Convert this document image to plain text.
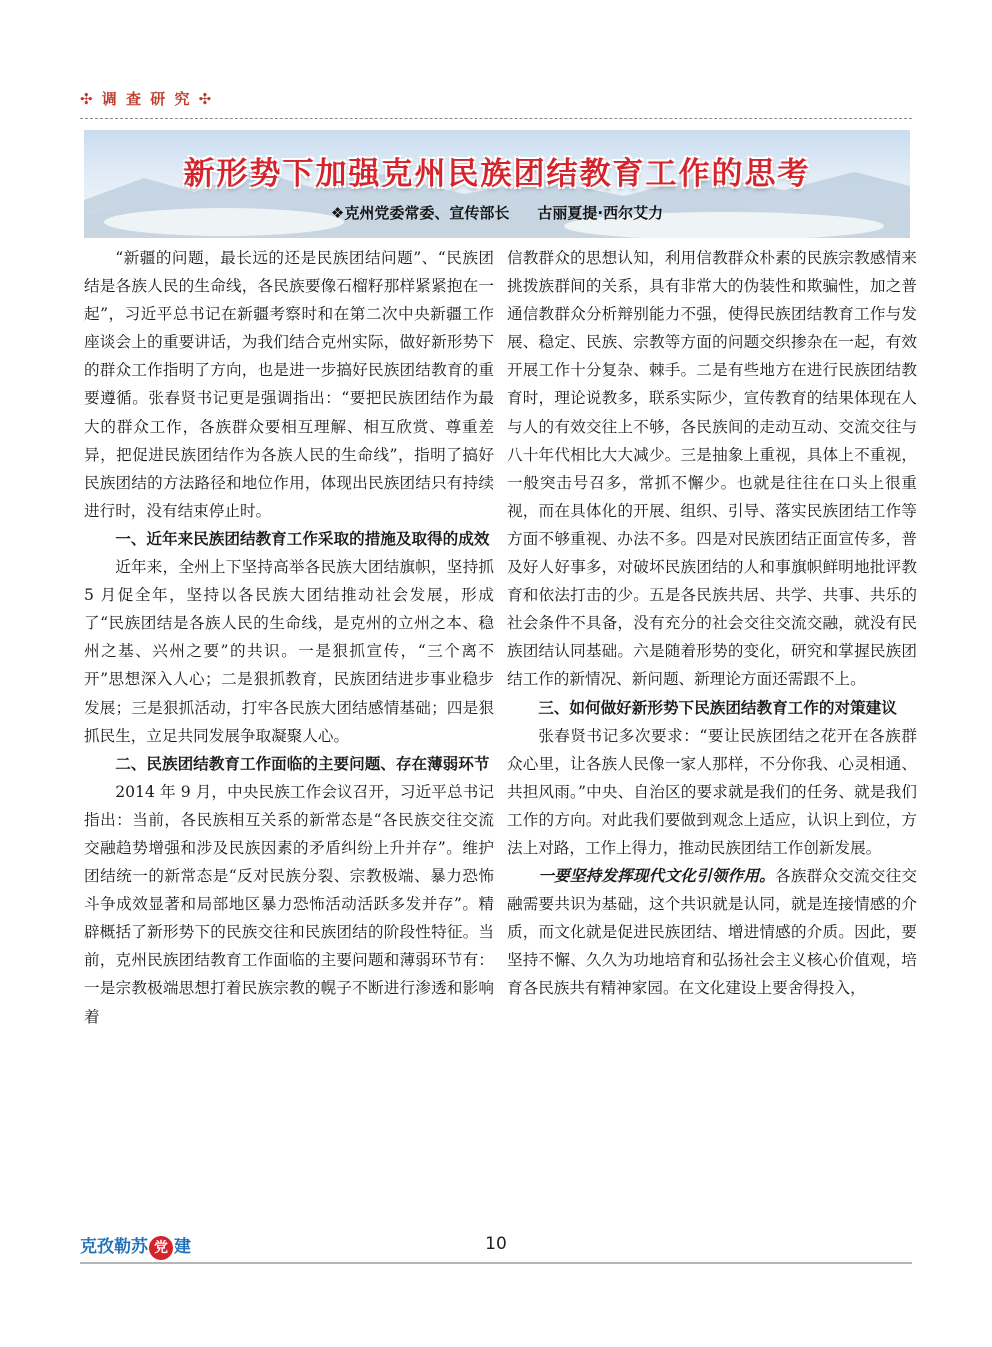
✣ 调 查 研 究 ✣
新形势下加强克州民族团结教育工作的思考
❖克州党委常委、宣传部长 古丽夏提·西尔艾力

“新疆的问题，最长远的还是民族团结问题”、“民族团结是各族人民的生命线，各民族要像石榴籽那样紧紧抱在一起”，习近平总书记在新疆考察时和在第二次中央新疆工作座谈会上的重要讲话，为我们结合克州实际，做好新形势下的群众工作指明了方向，也是进一步搞好民族团结教育的重要遵循。张春贤书记更是强调指出：“要把民族团结作为最大的群众工作，各族群众要相互理解、相互欣赏、尊重差异，把促进民族团结作为各族人民的生命线”，指明了搞好民族团结的方法路径和地位作用，体现出民族团结只有持续进行时，没有结束停止时。

一、近年来民族团结教育工作采取的措施及取得的成效

近年来，全州上下坚持高举各民族大团结旗帜，坚持抓 5 月促全年，坚持以各民族大团结推动社会发展，形成了“民族团结是各族人民的生命线，是克州的立州之本、稳州之基、兴州之要”的共识。一是狠抓宣传，“三个离不开”思想深入人心；二是狠抓教育，民族团结进步事业稳步发展；三是狠抓活动，打牢各民族大团结感情基础；四是狠抓民生，立足共同发展争取凝聚人心。

二、民族团结教育工作面临的主要问题、存在薄弱环节

2014 年 9 月，中央民族工作会议召开，习近平总书记指出：当前，各民族相互关系的新常态是“各民族交往交流交融趋势增强和涉及民族因素的矛盾纠纷上升并存”。维护团结统一的新常态是“反对民族分裂、宗教极端、暴力恐怖斗争成效显著和局部地区暴力恐怖活动活跃多发并存”。精辟概括了新形势下的民族交往和民族团结的阶段性特征。当前，克州民族团结教育工作面临的主要问题和薄弱环节有：一是宗教极端思想打着民族宗教的幌子不断进行渗透和影响着

信教群众的思想认知，利用信教群众朴素的民族宗教感情来挑拨族群间的关系，具有非常大的伪装性和欺骗性，加之普通信教群众分析辩别能力不强，使得民族团结教育工作与发展、稳定、民族、宗教等方面的问题交织掺杂在一起，有效开展工作十分复杂、棘手。二是有些地方在进行民族团结教育时，理论说教多，联系实际少，宣传教育的结果体现在人与人的有效交往上不够，各民族间的走动互动、交流交往与八十年代相比大大减少。三是抽象上重视，具体上不重视，一般突击号召多，常抓不懈少。也就是往往在口头上很重视，而在具体化的开展、组织、引导、落实民族团结工作等方面不够重视、办法不多。四是对民族团结正面宣传多，普及好人好事多，对破坏民族团结的人和事旗帜鲜明地批评教育和依法打击的少。五是各民族共居、共学、共事、共乐的社会条件不具备，没有充分的社会交往交流交融，就没有民族团结认同基础。六是随着形势的变化，研究和掌握民族团结工作的新情况、新问题、新理论方面还需跟不上。

三、如何做好新形势下民族团结教育工作的对策建议

张春贤书记多次要求：“要让民族团结之花开在各族群众心里，让各族人民像一家人那样，不分你我、心灵相通、共担风雨。”中央、自治区的要求就是我们的任务、就是我们工作的方向。对此我们要做到观念上适应，认识上到位，方法上对路，工作上得力，推动民族团结工作创新发展。

一要坚持发挥现代文化引领作用。各族群众交流交往交融需要共识为基础，这个共识就是认同，就是连接情感的介质，而文化就是促进民族团结、增进情感的介质。因此，要坚持不懈、久久为功地培育和弘扬社会主义核心价值观，培育各民族共有精神家园。在文化建设上要舍得投入，

克孜勒苏 党 建	10
